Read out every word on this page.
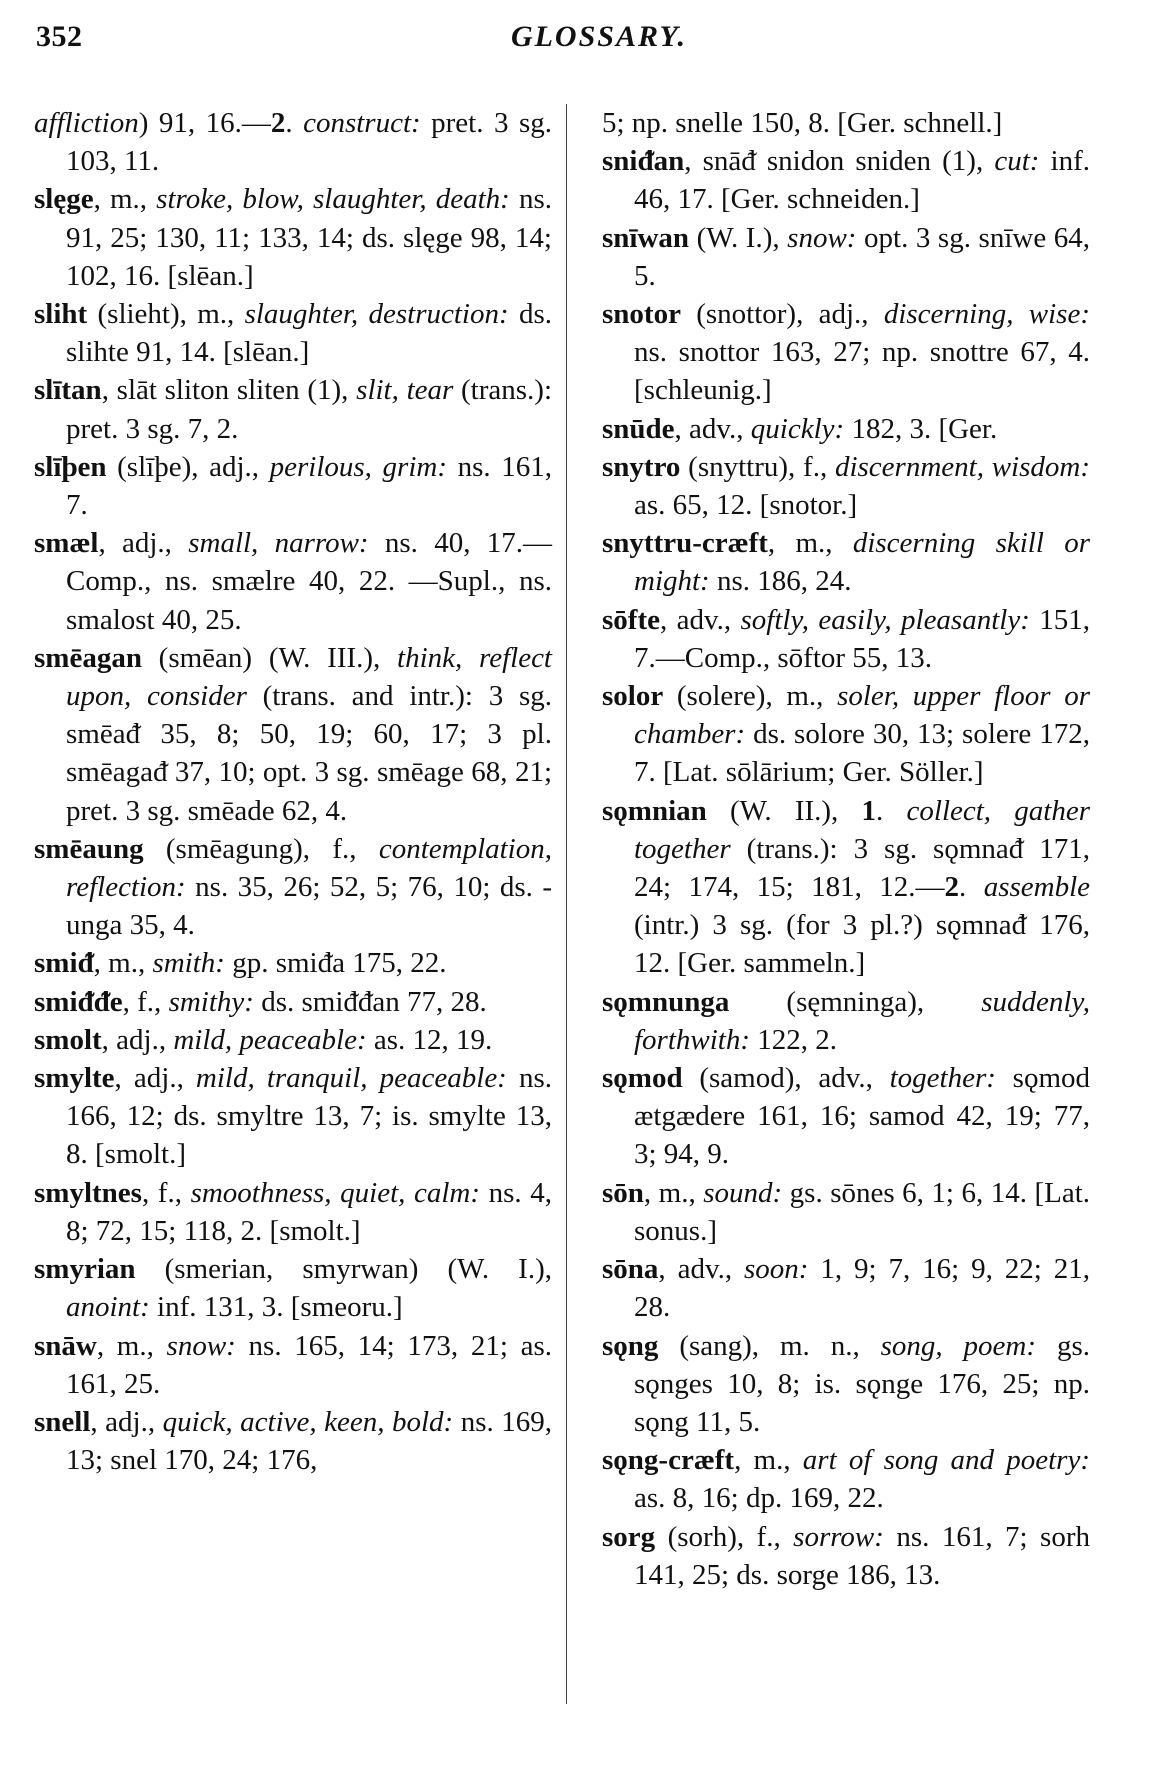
352	GLOSSARY.

affliction) 91, 16.—2. construct: pret. 3 sg. 103, 11.

slęge, m., stroke, blow, slaughter, death: ns. 91, 25; 130, 11; 133, 14; ds. slęge 98, 14; 102, 16. [slēan.]

sliht (slieht), m., slaughter, destruction: ds. slihte 91, 14. [slēan.]

slītan, slāt sliton sliten (1), slit, tear (trans.): pret. 3 sg. 7, 2.

slīþen (slīþe), adj., perilous, grim: ns. 161, 7.

smæl, adj., small, narrow: ns. 40, 17.—Comp., ns. smælre 40, 22. —Supl., ns. smalost 40, 25.

smēagan (smēan) (W. III.), think, reflect upon, consider (trans. and intr.): 3 sg. smēaᵭ 35, 8; 50, 19; 60, 17; 3 pl. smēagaᵭ 37, 10; opt. 3 sg. smēage 68, 21; pret. 3 sg. smēade 62, 4.

smēaung (smēagung), f., contemplation, reflection: ns. 35, 26; 52, 5; 76, 10; ds. -unga 35, 4.

smiᵭ, m., smith: gp. smiᵭa 175, 22.

smiᵭᵭe, f., smithy: ds. smiᵭᵭan 77, 28.

smolt, adj., mild, peaceable: as. 12, 19.

smylte, adj., mild, tranquil, peaceable: ns. 166, 12; ds. smyltre 13, 7; is. smylte 13, 8. [smolt.]

smyltnes, f., smoothness, quiet, calm: ns. 4, 8; 72, 15; 118, 2. [smolt.]

smyrian (smerian, smyrwan) (W. I.), anoint: inf. 131, 3. [smeoru.]

snāw, m., snow: ns. 165, 14; 173, 21; as. 161, 25.

snell, adj., quick, active, keen, bold: ns. 169, 13; snel 170, 24; 176,

5; np. snelle 150, 8. [Ger. schnell.]

sniᵭan, snāᵭ snidon sniden (1), cut: inf. 46, 17. [Ger. schneiden.]

snīwan (W. I.), snow: opt. 3 sg. snīwe 64, 5.

snotor (snottor), adj., discerning, wise: ns. snottor 163, 27; np. snottre 67, 4. [schleunig.]

snūde, adv., quickly: 182, 3. [Ger.

snytro (snyttru), f., discernment, wisdom: as. 65, 12. [snotor.]

snyttru-cræft, m., discerning skill or might: ns. 186, 24.

sōfte, adv., softly, easily, pleasantly: 151, 7.—Comp., sōftor 55, 13.

solor (solere), m., soler, upper floor or chamber: ds. solore 30, 13; solere 172, 7. [Lat. sōlārium; Ger. Söller.]

sǫmnian (W. II.), 1. collect, gather together (trans.): 3 sg. sǫmnaᵭ 171, 24; 174, 15; 181, 12.—2. assemble (intr.) 3 sg. (for 3 pl.?) sǫmnaᵭ 176, 12. [Ger. sammeln.]

sǫmnunga (sęmninga), suddenly, forthwith: 122, 2.

sǫmod (samod), adv., together: sǫmod ætgædere 161, 16; samod 42, 19; 77, 3; 94, 9.

sōn, m., sound: gs. sōnes 6, 1; 6, 14. [Lat. sonus.]

sōna, adv., soon: 1, 9; 7, 16; 9, 22; 21, 28.

sǫng (sang), m. n., song, poem: gs. sǫnges 10, 8; is. sǫnge 176, 25; np. sǫng 11, 5.

sǫng-cræft, m., art of song and poetry: as. 8, 16; dp. 169, 22.

sorg (sorh), f., sorrow: ns. 161, 7; sorh 141, 25; ds. sorge 186, 13.
